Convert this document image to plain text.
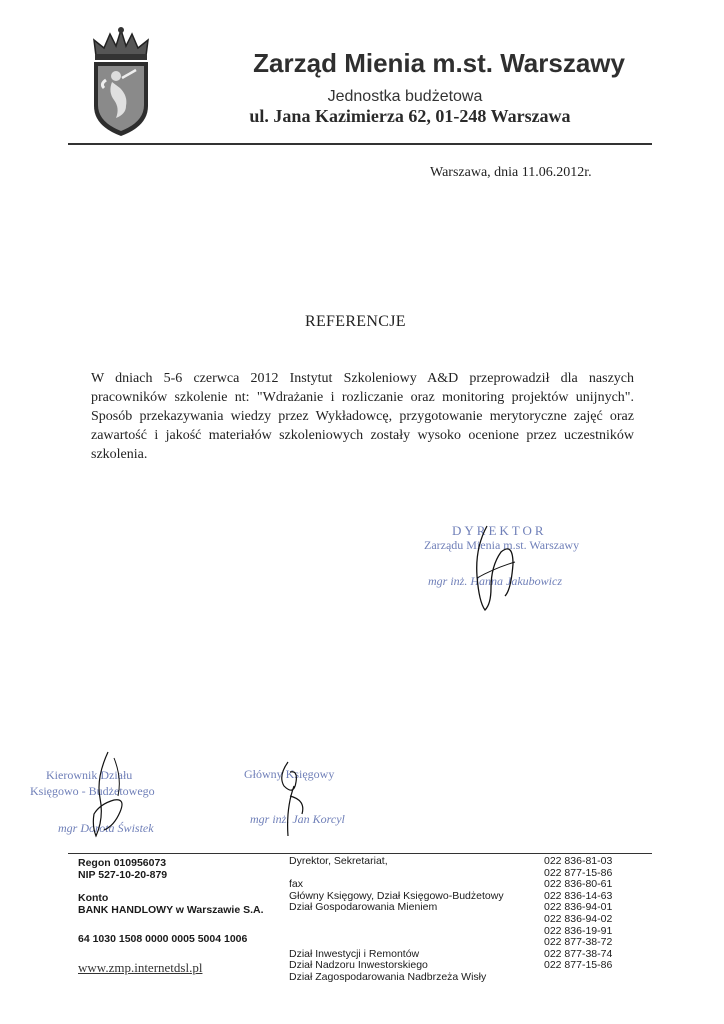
Zarząd Mienia m.st. Warszawy
Jednostka budżetowa
ul. Jana Kazimierza 62, 01-248 Warszawa
Warszawa, dnia 11.06.2012r.
REFERENCJE

W dniach 5-6 czerwca 2012 Instytut Szkoleniowy A&D przeprowadził dla naszych pracowników szkolenie nt: "Wdrażanie i rozliczanie oraz monitoring projektów unijnych". Sposób przekazywania wiedzy przez Wykładowcę, przygotowanie merytoryczne zajęć oraz zawartość i jakość materiałów szkoleniowych zostały wysoko ocenione przez uczestników szkolenia.

DYREKTOR
Zarządu Mienia m.st. Warszawy
mgr inż. Hanna Jakubowicz
Kierownik Działu
Księgowo - Budżetowego
mgr Dorota Świstek
Główny Księgowy
mgr inż. Jan Korcyl
Regon 010956073
NIP 527-10-20-879
Konto
BANK HANDLOWY w Warszawie S.A.
64 1030 1508 0000 0005 5004 1006
www.zmp.internetdsl.pl
Dyrektor, Sekretariat,
fax
Główny Księgowy, Dział Księgowo-Budżetowy
Dział Gospodarowania Mieniem
Dział Inwestycji i Remontów
Dział Nadzoru Inwestorskiego
Dział Zagospodarowania Nadbrzeża Wisły
022 836-81-03
022 877-15-86
022 836-80-61
022 836-14-63
022 836-94-01
022 836-94-02
022 836-19-91
022 877-38-72
022 877-38-74
022 877-15-86
